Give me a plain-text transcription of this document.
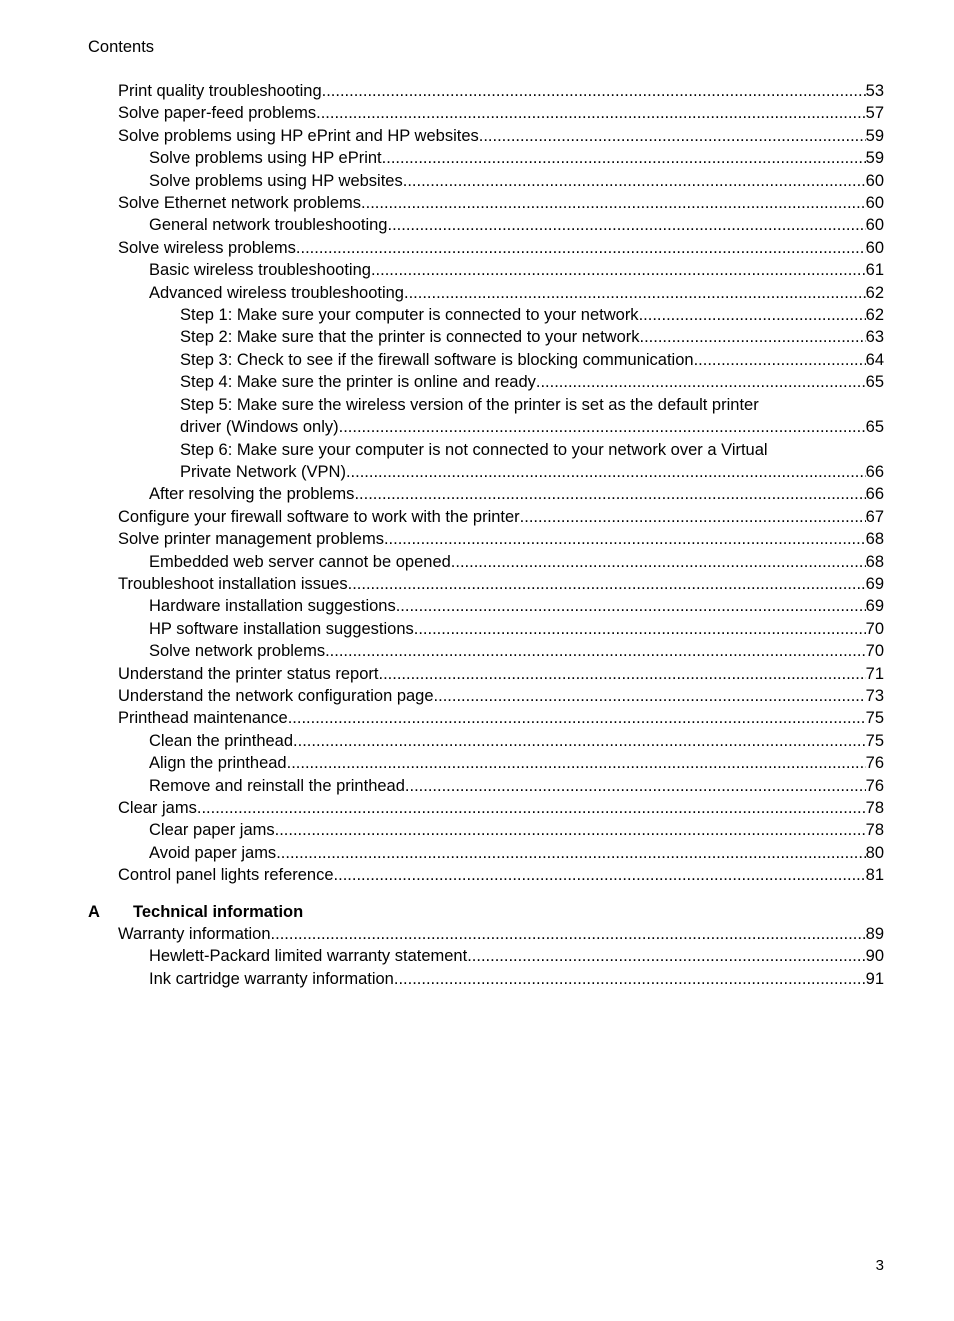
Contents
Print quality troubleshooting .....	53
Solve paper-feed problems .....	57
Solve problems using HP ePrint and HP websites .....	59
Solve problems using HP ePrint .....	59
Solve problems using HP websites .....	60
Solve Ethernet network problems .....	60
General network troubleshooting .....	60
Solve wireless problems .....	60
Basic wireless troubleshooting .....	61
Advanced wireless troubleshooting .....	62
Step 1: Make sure your computer is connected to your network .....	62
Step 2: Make sure that the printer is connected to your network .....	63
Step 3: Check to see if the firewall software is blocking communication .....	64
Step 4: Make sure the printer is online and ready .....	65
Step 5: Make sure the wireless version of the printer is set as the default printer
driver (Windows only) .....	65
Step 6: Make sure your computer is not connected to your network over a Virtual
Private Network (VPN) .....	66
After resolving the problems .....	66
Configure your firewall software to work with the printer .....	67
Solve printer management problems .....	68
Embedded web server cannot be opened .....	68
Troubleshoot installation issues .....	69
Hardware installation suggestions .....	69
HP software installation suggestions .....	70
Solve network problems .....	70
Understand the printer status report .....	71
Understand the network configuration page .....	73
Printhead maintenance .....	75
Clean the printhead .....	75
Align the printhead .....	76
Remove and reinstall the printhead .....	76
Clear jams .....	78
Clear paper jams .....	78
Avoid paper jams .....	80
Control panel lights reference .....	81
A	Technical information
Warranty information .....	89
Hewlett-Packard limited warranty statement .....	90
Ink cartridge warranty information .....	91
3
